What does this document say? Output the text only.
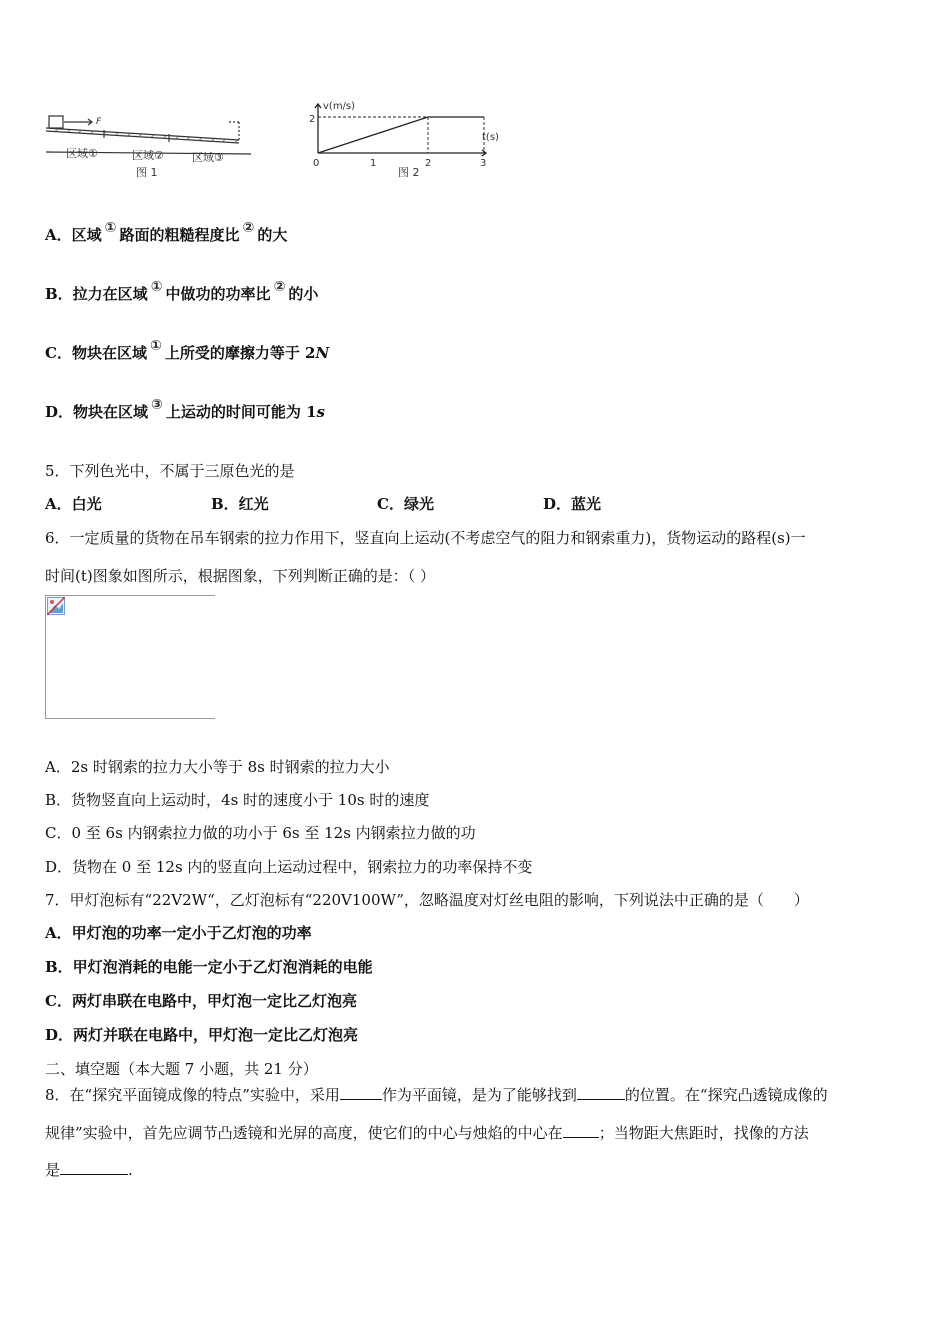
F
区域①	区域②	区域③
图 1
v(m/s)
t(s)
2
0	1	2	3
图 2
A．区域 ① 路面的粗糙程度比 ② 的大
B．拉力在区域 ① 中做功的功率比 ② 的小
C．物块在区域 ① 上所受的摩擦力等于 2N
D．物块在区域 ③ 上运动的时间可能为 1s
5．下列色光中，不属于三原色光的是
A．白光	B．红光	C．绿光	D．蓝光
6．一定质量的货物在吊车钢索的拉力作用下，竖直向上运动(不考虑空气的阻力和钢索重力)，货物运动的路程(s)一
时间(t)图象如图所示，根据图象，下列判断正确的是：（ ）
A．2s 时钢索的拉力大小等于 8s 时钢索的拉力大小
B．货物竖直向上运动时，4s 时的速度小于 10s 时的速度
C．0 至 6s 内钢索拉力做的功小于 6s 至 12s 内钢索拉力做的功
D．货物在 0 至 12s 内的竖直向上运动过程中，钢索拉力的功率保持不变
7．甲灯泡标有“22V2W“，乙灯泡标有“220V100W”，忽略温度对灯丝电阻的影响，下列说法中正确的是（　　）
A．甲灯泡的功率一定小于乙灯泡的功率
B．甲灯泡消耗的电能一定小于乙灯泡消耗的电能
C．两灯串联在电路中，甲灯泡一定比乙灯泡亮
D．两灯并联在电路中，甲灯泡一定比乙灯泡亮
二、填空题（本大题 7 小题，共 21 分）
8．在“探究平面镜成像的特点”实验中，采用	作为平面镜，是为了能够找到	的位置。在“探究凸透镜成像的
规律”实验中，首先应调节凸透镜和光屏的高度，使它们的中心与烛焰的中心在 ；当物距大焦距时，找像的方法
是	.
